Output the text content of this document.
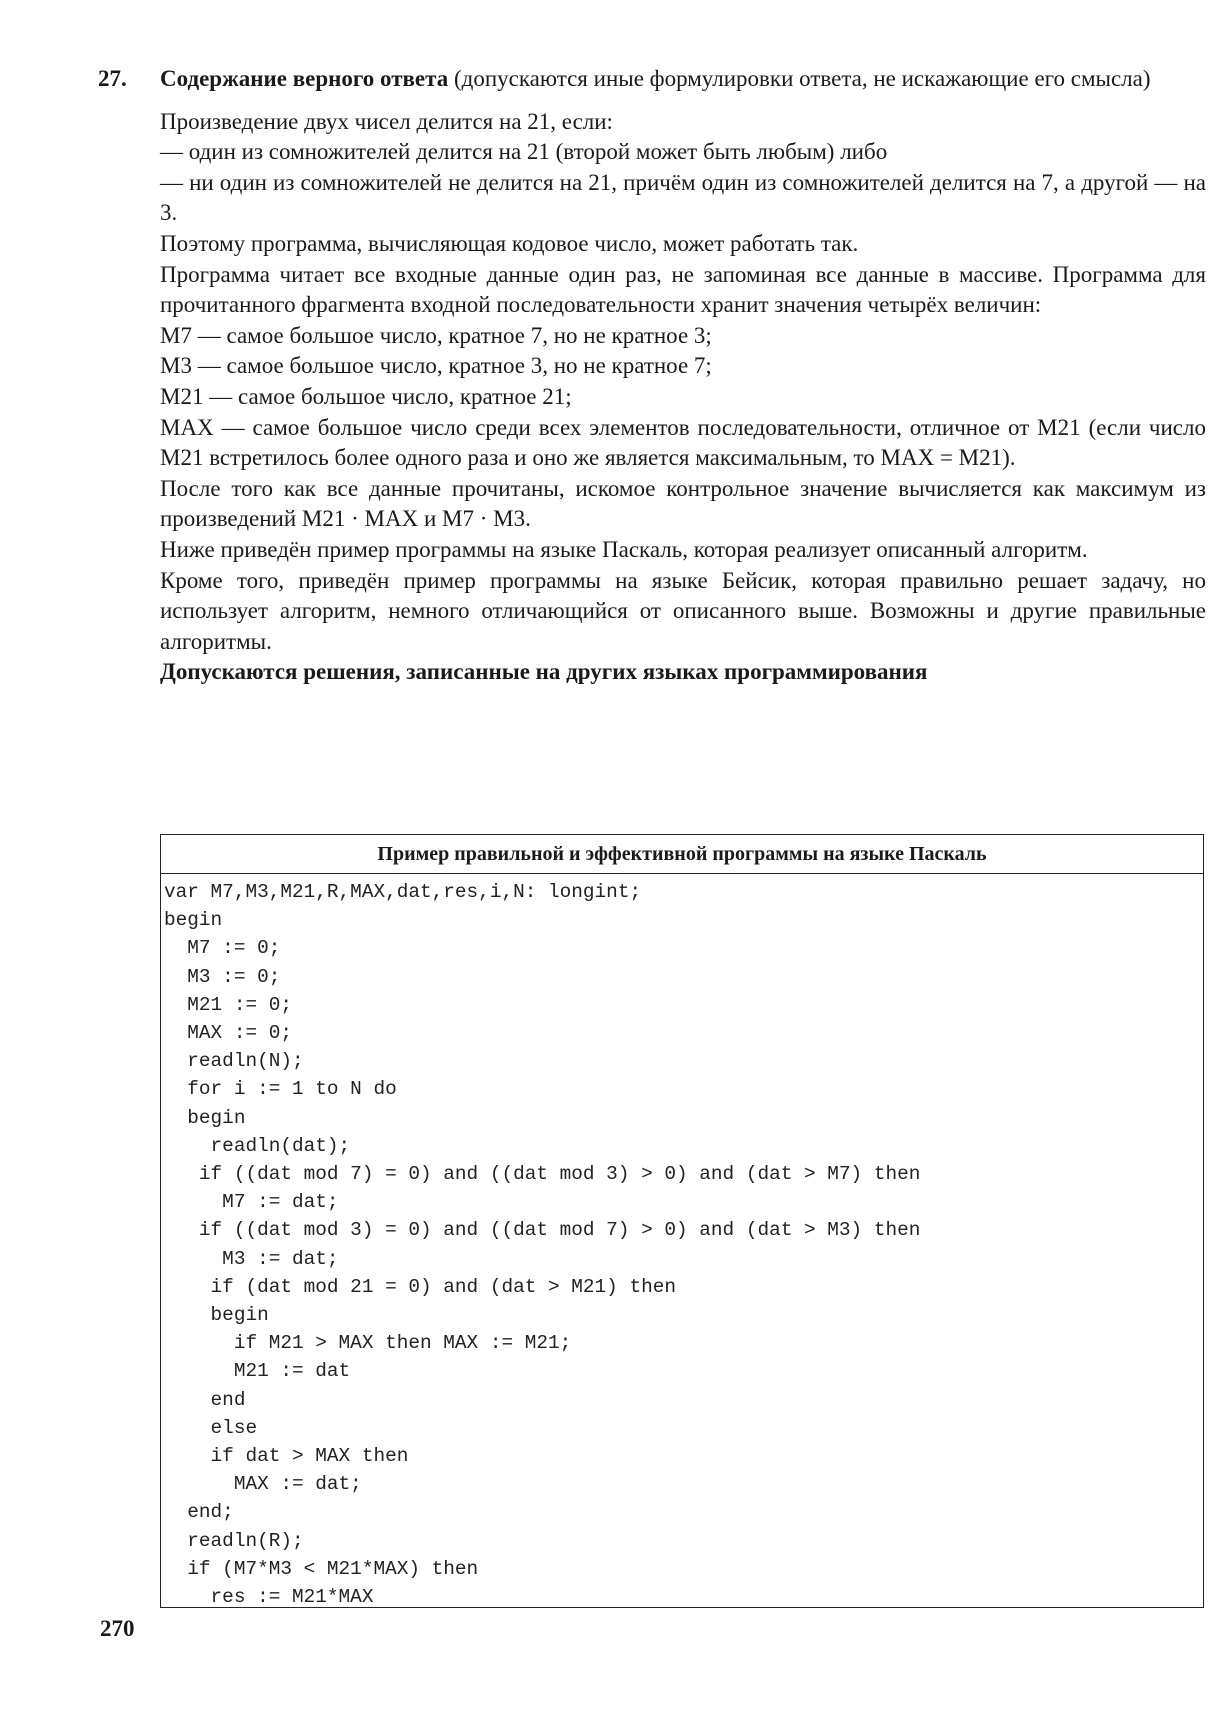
27. Содержание верного ответа (допускаются иные формулировки ответа, не искажающие его смысла)

Произведение двух чисел делится на 21, если:

— один из сомножителей делится на 21 (второй может быть любым) либо

— ни один из сомножителей не делится на 21, причём один из сомножителей делится на 7, а другой — на 3.

Поэтому программа, вычисляющая кодовое число, может работать так.

Программа читает все входные данные один раз, не запоминая все данные в массиве. Программа для прочитанного фрагмента входной последовательности хранит значения четырёх величин:

M7 — самое большое число, кратное 7, но не кратное 3;

M3 — самое большое число, кратное 3, но не кратное 7;

M21 — самое большое число, кратное 21;

MAX — самое большое число среди всех элементов последовательности, отличное от M21 (если число M21 встретилось более одного раза и оно же является максимальным, то MAX = M21).

После того как все данные прочитаны, искомое контрольное значение вычисляется как максимум из произведений M21 · MAX и M7 · M3.

Ниже приведён пример программы на языке Паскаль, которая реализует описанный алгоритм.

Кроме того, приведён пример программы на языке Бейсик, которая правильно решает задачу, но использует алгоритм, немного отличающийся от описанного выше. Возможны и другие правильные алгоритмы.

Допускаются решения, записанные на других языках программирования

Пример правильной и эффективной программы на языке Паскаль
var M7,M3,M21,R,MAX,dat,res,i,N: longint;
begin
M7 := 0;
M3 := 0;
M21 := 0;
MAX := 0;
readln(N);
for i := 1 to N do
begin
readln(dat);
if ((dat mod 7) = 0) and ((dat mod 3) > 0) and (dat > M7) then
M7 := dat;
if ((dat mod 3) = 0) and ((dat mod 7) > 0) and (dat > M3) then
M3 := dat;
if (dat mod 21 = 0) and (dat > M21) then
begin
if M21 > MAX then MAX := M21;
M21 := dat
end
else
if dat > MAX then
MAX := dat;
end;
readln(R);
if (M7*M3 < M21*MAX) then
res := M21*MAX
270
